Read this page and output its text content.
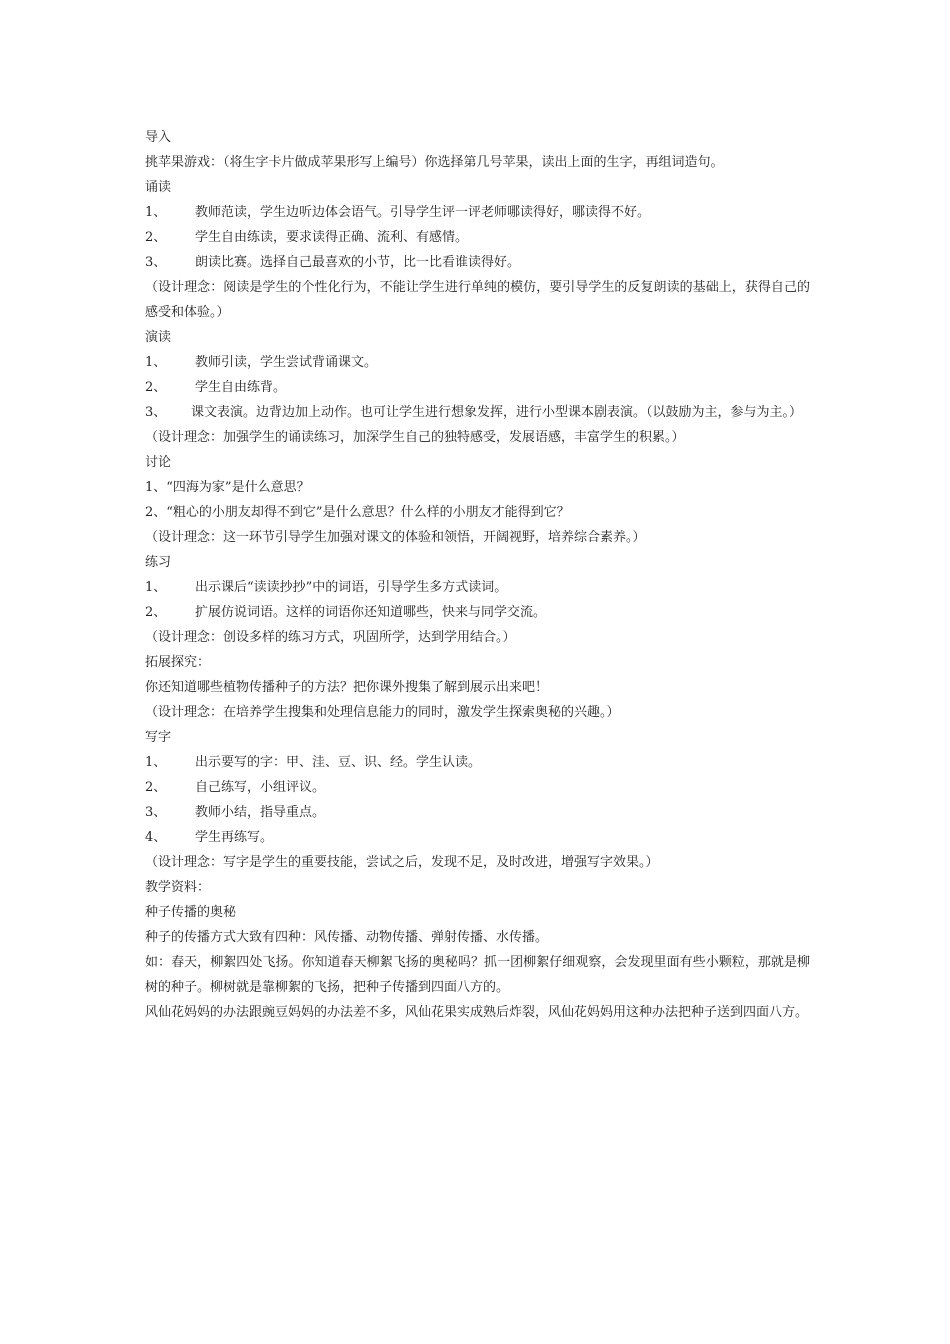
导入
挑苹果游戏：（将生字卡片做成苹果形写上编号）你选择第几号苹果，读出上面的生字，再组词造句。
诵读
1、 教师范读，学生边听边体会语气。引导学生评一评老师哪读得好，哪读得不好。
2、 学生自由练读，要求读得正确、流利、有感情。
3、 朗读比赛。选择自己最喜欢的小节，比一比看谁读得好。
（设计理念：阅读是学生的个性化行为，不能让学生进行单纯的模仿，要引导学生的反复朗读的基础上，获得自己的感受和体验。）
演读
1、 教师引读，学生尝试背诵课文。
2、 学生自由练背。
3、 课文表演。边背边加上动作。也可让学生进行想象发挥，进行小型课本剧表演。（以鼓励为主，参与为主。）
（设计理念：加强学生的诵读练习，加深学生自己的独特感受，发展语感，丰富学生的积累。）
讨论
1、“四海为家”是什么意思？
2、“粗心的小朋友却得不到它”是什么意思？什么样的小朋友才能得到它？
（设计理念：这一环节引导学生加强对课文的体验和领悟，开阔视野，培养综合素养。）
练习
1、 出示课后“读读抄抄”中的词语，引导学生多方式读词。
2、 扩展仿说词语。这样的词语你还知道哪些，快来与同学交流。
（设计理念：创设多样的练习方式，巩固所学，达到学用结合。）
拓展探究：
你还知道哪些植物传播种子的方法？把你课外搜集了解到展示出来吧！
（设计理念：在培养学生搜集和处理信息能力的同时，激发学生探索奥秘的兴趣。）
写字
1、 出示要写的字：甲、洼、豆、识、经。学生认读。
2、 自己练写，小组评议。
3、 教师小结，指导重点。
4、 学生再练写。
（设计理念：写字是学生的重要技能，尝试之后，发现不足，及时改进，增强写字效果。）
教学资料：
种子传播的奥秘
种子的传播方式大致有四种：风传播、动物传播、弹射传播、水传播。
如：春天，柳絮四处飞扬。你知道春天柳絮飞扬的奥秘吗？抓一团柳絮仔细观察，会发现里面有些小颗粒，那就是柳树的种子。柳树就是靠柳絮的飞扬，把种子传播到四面八方的。
风仙花妈妈的办法跟豌豆妈妈的办法差不多，风仙花果实成熟后炸裂，风仙花妈妈用这种办法把种子送到四面八方。
